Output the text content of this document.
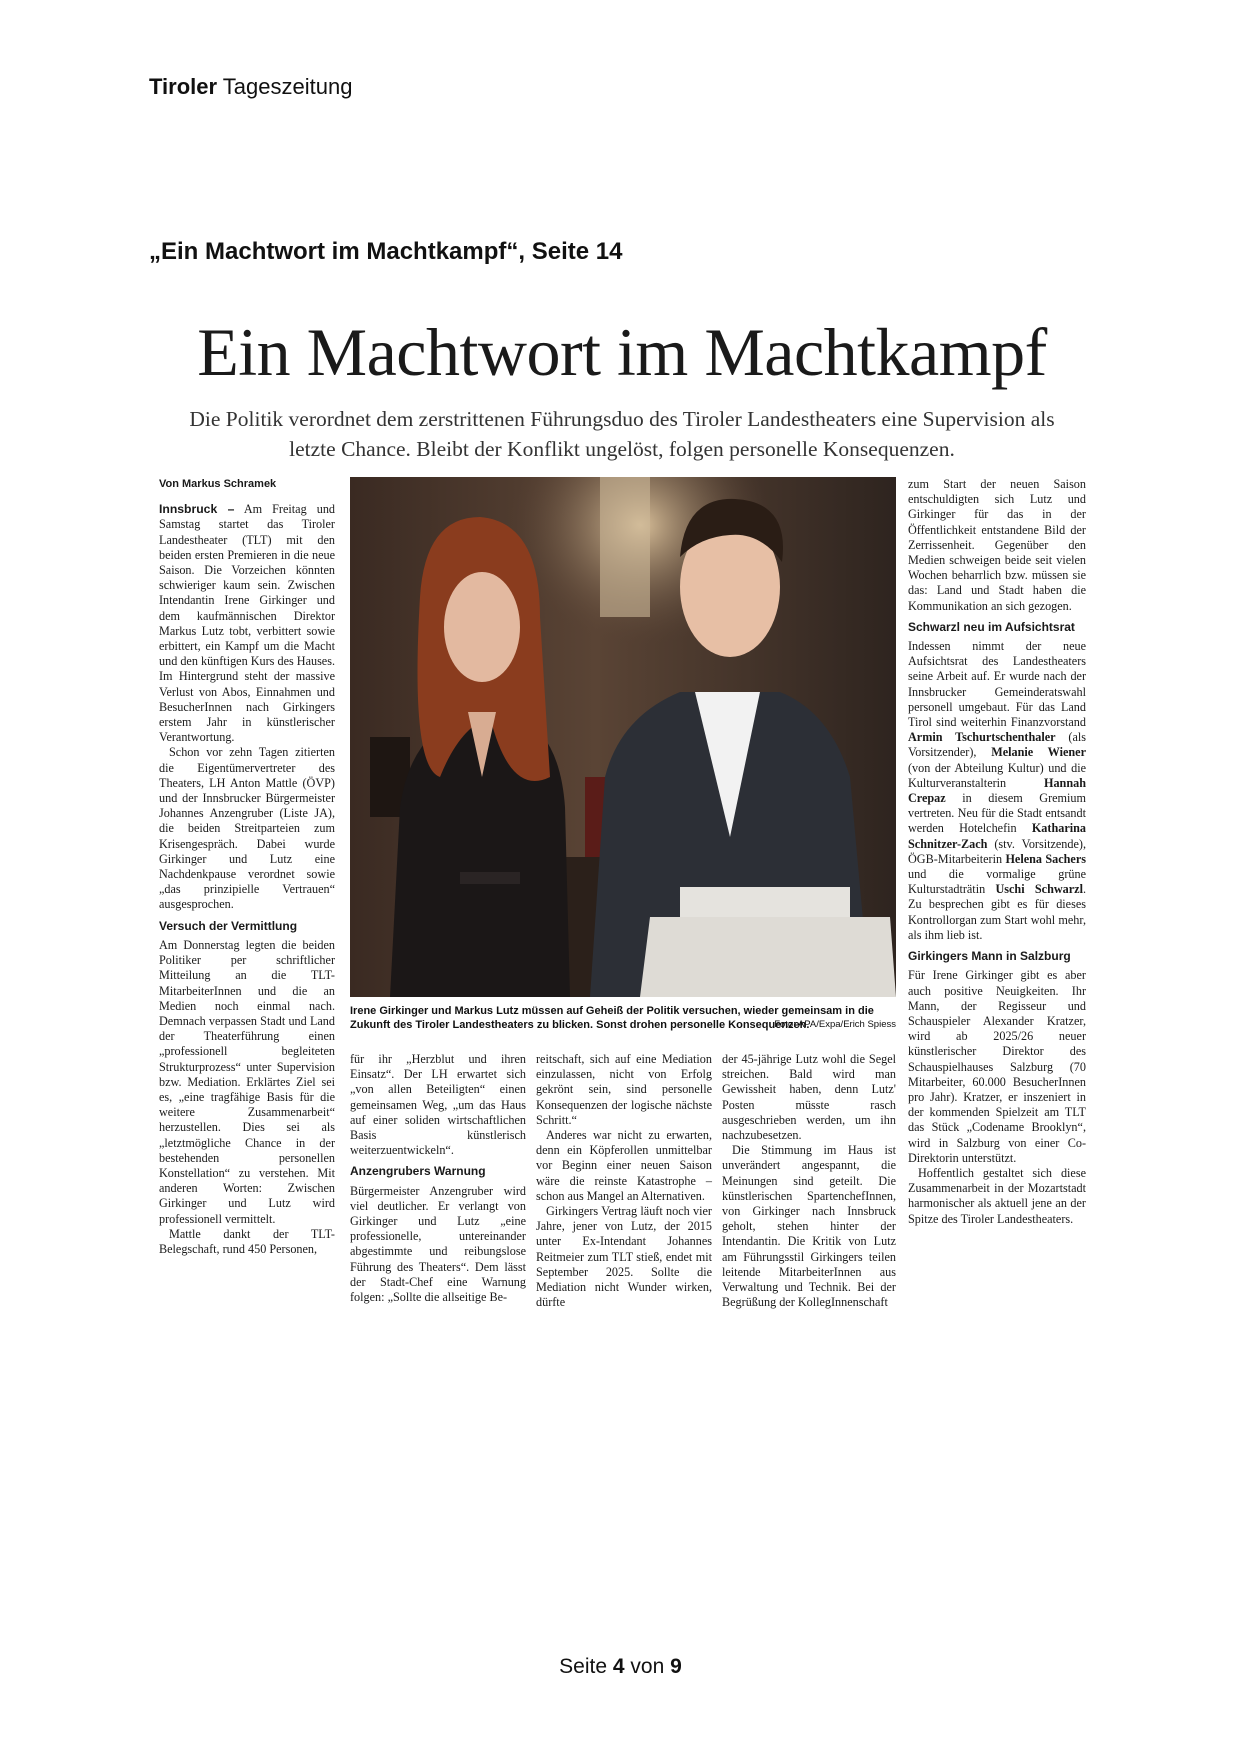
Tiroler Tageszeitung
„Ein Machtwort im Machtkampf“, Seite 14
Ein Machtwort im Machtkampf
Die Politik verordnet dem zerstrittenen Führungsduo des Tiroler Landestheaters eine Supervision als letzte Chance. Bleibt der Konflikt ungelöst, folgen personelle Konsequenzen.

Von Markus Schramek

Innsbruck – Am Freitag und Samstag startet das Tiroler Landestheater (TLT) mit den beiden ersten Premieren in die neue Saison. Die Vorzeichen könnten schwieriger kaum sein. Zwischen Intendantin Irene Girkinger und dem kaufmännischen Direktor Markus Lutz tobt, verbittert sowie erbittert, ein Kampf um die Macht und den künftigen Kurs des Hauses. Im Hintergrund steht der massive Verlust von Abos, Einnahmen und BesucherInnen nach Girkingers erstem Jahr in künstlerischer Verantwortung.

Schon vor zehn Tagen zitierten die Eigentümervertreter des Theaters, LH Anton Mattle (ÖVP) und der Innsbrucker Bürgermeister Johannes Anzengruber (Liste JA), die beiden Streitparteien zum Krisengespräch. Dabei wurde Girkinger und Lutz eine Nachdenkpause verordnet sowie „das prinzipielle Vertrauen“ ausgesprochen.

Versuch der Vermittlung

Am Donnerstag legten die beiden Politiker per schriftlicher Mitteilung an die TLT-MitarbeiterInnen und die an Medien noch einmal nach. Demnach verpassen Stadt und Land der Theaterführung einen „professionell begleiteten Strukturprozess“ unter Supervision bzw. Mediation. Erklärtes Ziel sei es, „eine tragfähige Basis für die weitere Zusammenarbeit“ herzustellen. Dies sei als „letztmögliche Chance in der bestehenden personellen Konstellation“ zu verstehen. Mit anderen Worten: Zwischen Girkinger und Lutz wird professionell vermittelt.

Mattle dankt der TLT-Belegschaft, rund 450 Personen,

Irene Girkinger und Markus Lutz müssen auf Geheiß der Politik versuchen, wieder gemeinsam in die Zukunft des Tiroler Landestheaters zu blicken. Sonst drohen personelle Konsequenzen.
Foto: APA/Expa/Erich Spiess

für ihr „Herzblut und ihren Einsatz“. Der LH erwartet sich „von allen Beteiligten“ einen gemeinsamen Weg, „um das Haus auf einer soliden wirtschaftlichen Basis künstlerisch weiterzuentwickeln“.

Anzengrubers Warnung

Bürgermeister Anzengruber wird viel deutlicher. Er verlangt von Girkinger und Lutz „eine professionelle, untereinander abgestimmte und reibungslose Führung des Theaters“. Dem lässt der Stadt-Chef eine Warnung folgen: „Sollte die allseitige Be-

reitschaft, sich auf eine Mediation einzulassen, nicht von Erfolg gekrönt sein, sind personelle Konsequenzen der logische nächste Schritt.“

Anderes war nicht zu erwarten, denn ein Köpferollen unmittelbar vor Beginn einer neuen Saison wäre die reinste Katastrophe – schon aus Mangel an Alternativen.

Girkingers Vertrag läuft noch vier Jahre, jener von Lutz, der 2015 unter Ex-Intendant Johannes Reitmeier zum TLT stieß, endet mit September 2025. Sollte die Mediation nicht Wunder wirken, dürfte

der 45-jährige Lutz wohl die Segel streichen. Bald wird man Gewissheit haben, denn Lutz' Posten müsste rasch ausgeschrieben werden, um ihn nachzubesetzen.

Die Stimmung im Haus ist unverändert angespannt, die Meinungen sind geteilt. Die künstlerischen SpartenchefInnen, von Girkinger nach Innsbruck geholt, stehen hinter der Intendantin. Die Kritik von Lutz am Führungsstil Girkingers teilen leitende MitarbeiterInnen aus Verwaltung und Technik. Bei der Begrüßung der KollegInnenschaft

zum Start der neuen Saison entschuldigten sich Lutz und Girkinger für das in der Öffentlichkeit entstandene Bild der Zerrissenheit. Gegenüber den Medien schweigen beide seit vielen Wochen beharrlich bzw. müssen sie das: Land und Stadt haben die Kommunikation an sich gezogen.

Schwarzl neu im Aufsichtsrat

Indessen nimmt der neue Aufsichtsrat des Landestheaters seine Arbeit auf. Er wurde nach der Innsbrucker Gemeinderatswahl personell umgebaut. Für das Land Tirol sind weiterhin Finanzvorstand Armin Tschurtschenthaler (als Vorsitzender), Melanie Wiener (von der Abteilung Kultur) und die Kulturveranstalterin	Hannah Crepaz in diesem Gremium vertreten. Neu für die Stadt entsandt werden Hotelchefin Katharina Schnitzer-Zach (stv. Vorsitzende), ÖGB-Mitarbeiterin Helena Sachers und die vormalige grüne Kulturstadträtin Uschi Schwarzl. Zu besprechen gibt es für dieses Kontrollorgan zum Start wohl mehr, als ihm lieb ist.

Girkingers Mann in Salzburg

Für Irene Girkinger gibt es aber auch positive Neuigkeiten. Ihr Mann, der Regisseur und Schauspieler Alexander Kratzer, wird ab 2025/26 neuer künstlerischer Direktor des Schauspielhauses Salzburg (70 Mitarbeiter, 60.000 BesucherInnen pro Jahr). Kratzer, er inszeniert in der kommenden Spielzeit am TLT das Stück „Codename Brooklyn“, wird in Salzburg von einer Co-Direktorin unterstützt.

Hoffentlich gestaltet sich diese Zusammenarbeit in der Mozartstadt harmonischer als aktuell jene an der Spitze des Tiroler Landestheaters.

Seite 4 von 9
